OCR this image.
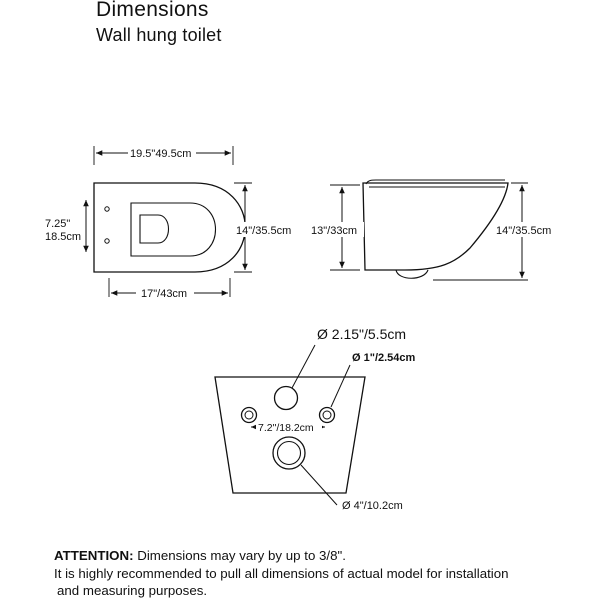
Dimensions
Wall hung toilet
19.5"49.5cm
14"/35.5cm
17"/43cm
7.25"
18.5cm	13"/33cm	14"/35.5cm
Ø 2.15"/5.5cm
Ø 1"/2.54cm
7.2"/18.2cm
Ø 4"/10.2cm
ATTENTION: Dimensions may vary by up to 3/8".
It is highly recommended to pull all dimensions of actual model for installation
and measuring purposes.
